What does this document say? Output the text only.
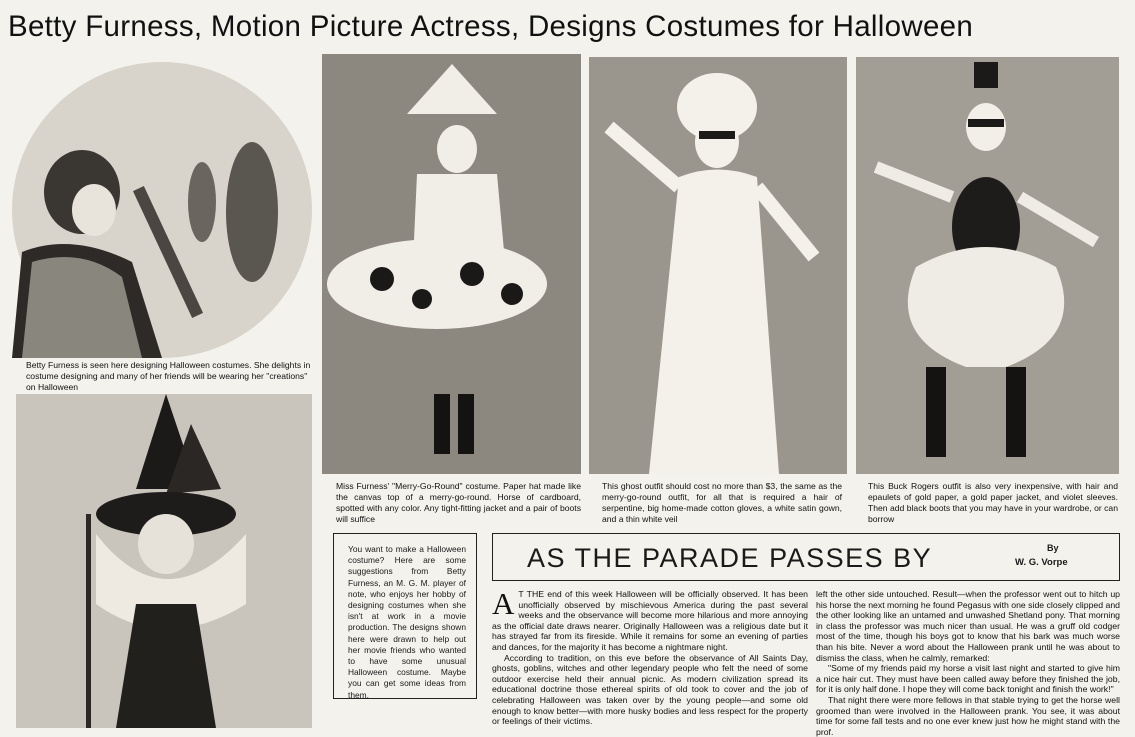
Betty Furness, Motion Picture Actress, Designs Costumes for Halloween
Betty Furness is seen here designing Halloween costumes. She delights in costume designing and many of her friends will be wearing her "creations" on Halloween
Miss Furness' "Merry-Go-Round" costume. Paper hat made like the canvas top of a merry-go-round. Horse of cardboard, spotted with any color. Any tight-fitting jacket and a pair of boots will suffice
This ghost outfit should cost no more than $3, the same as the merry-go-round outfit, for all that is required a hair of serpentine, big home-made cotton gloves, a white satin gown, and a thin white veil
This Buck Rogers outfit is also very inexpensive, with hair and epaulets of gold paper, a gold paper jacket, and violet sleeves. Then add black boots that you may have in your wardrobe, or can borrow
You want to make a Halloween costume? Here are some suggestions from Betty Furness, an M. G. M. player of note, who enjoys her hobby of designing costumes when she isn't at work in a movie production. The designs shown here were drawn to help out her movie friends who wanted to have some unusual Halloween costume. Maybe you can get some ideas from them.
AS THE PARADE PASSES BY	By
W. G. Vorpe

A T THE end of this week Halloween will be officially observed. It has been unofficially observed by mischievous America during the past several weeks and the observance will become more hilarious and more annoying as the official date draws nearer. Originally Halloween was a religious date but it has strayed far from its fireside. While it remains for some an evening of parties and dances, for the majority it has become a nightmare night.

According to tradition, on this eve before the observance of All Saints Day, ghosts, goblins, witches and other legendary people who felt the need of some outdoor exercise held their annual picnic. As modern civilization spread its educational doctrine those ethereal spirits of old took to cover and the job of celebrating Halloween was taken over by the young people—and some old enough to know better—with more husky bodies and less respect for the property or feelings of their victims.

left the other side untouched. Result—when the professor went out to hitch up his horse the next morning he found Pegasus with one side closely clipped and the other looking like an untamed and unwashed Shetland pony. That morning in class the professor was much nicer than usual. He was a gruff old codger most of the time, though his boys got to know that his bark was much worse than his bite. Never a word about the Halloween prank until he was about to dismiss the class, when he calmly, remarked:

"Some of my friends paid my horse a visit last night and started to give him a nice hair cut. They must have been called away before they finished the job, for it is only half done. I hope they will come back tonight and finish the work!"

That night there were more fellows in that stable trying to get the horse well groomed than were involved in the Halloween prank. You see, it was about time for some fall tests and no one ever knew just how he might stand with the prof.
